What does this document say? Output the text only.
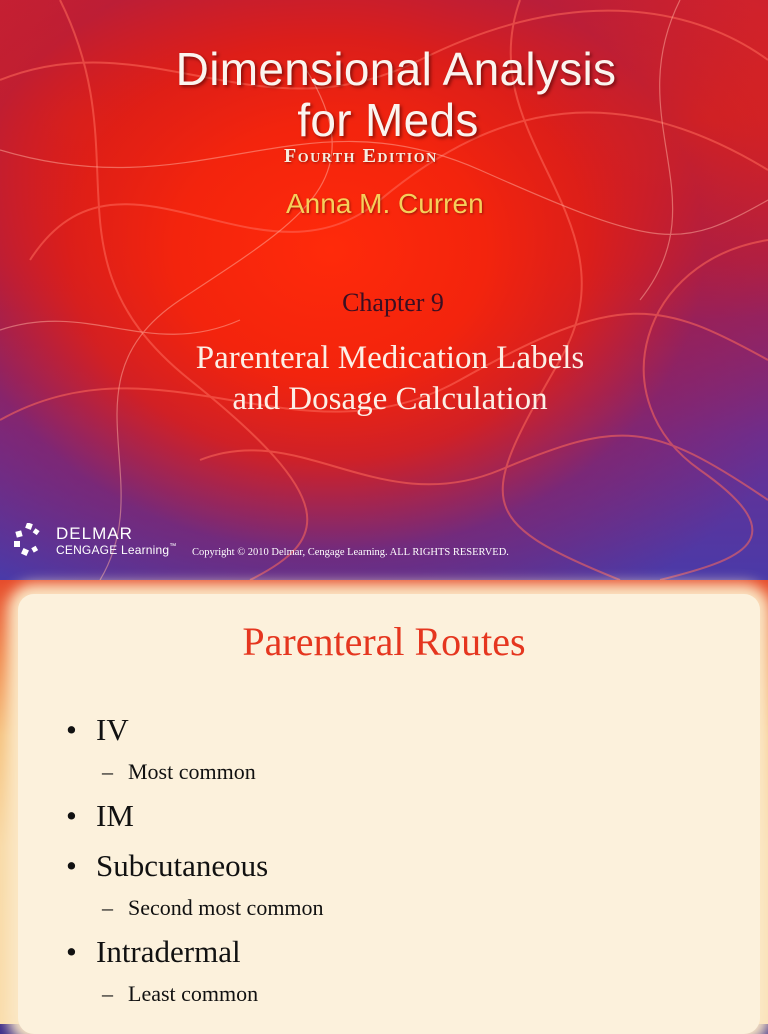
Dimensional Analysis
for Meds
Fourth Edition
Anna M. Curren
Chapter 9
Parenteral Medication Labels
and Dosage Calculation
DELMAR
CENGAGE Learning™
Copyright © 2010 Delmar, Cengage Learning. ALL RIGHTS RESERVED.
Parenteral Routes
• IV
– Most common
• IM
• Subcutaneous
– Second most common
• Intradermal
– Least common
